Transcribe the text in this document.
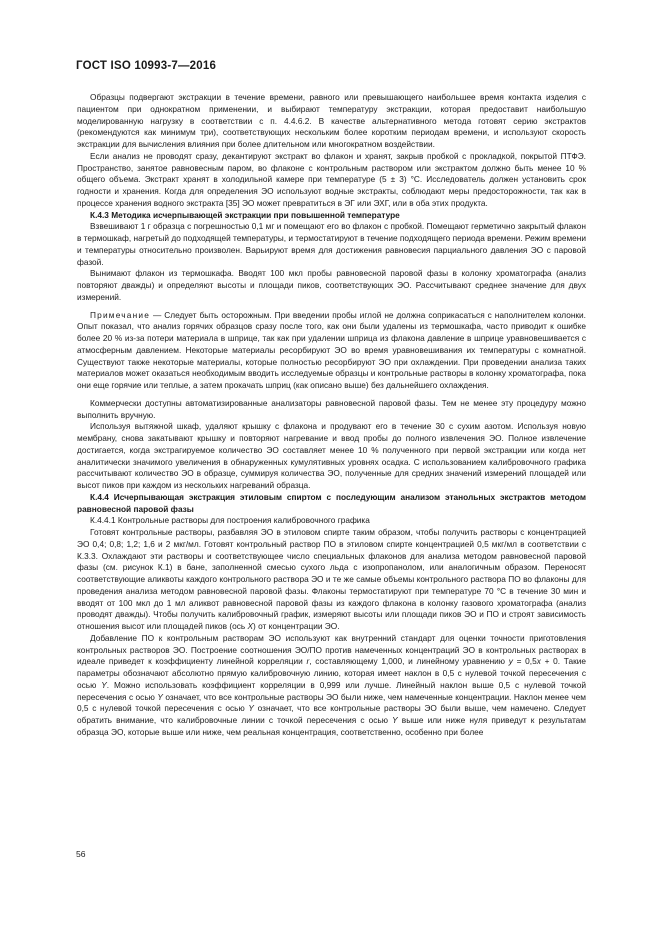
ГОСТ ISO 10993-7—2016

Образцы подвергают экстракции в течение времени, равного или превышающего наибольшее время контакта изделия с пациентом при однократном применении, и выбирают температуру экстракции, которая предоставит наибольшую моделированную нагрузку в соответствии с п. 4.4.6.2. В качестве альтернативного метода готовят серию экстрактов (рекомендуются как минимум три), соответствующих нескольким более коротким периодам времени, и используют скорость экстракции для вычисления влияния при более длительном или многократном воздействии.

Если анализ не проводят сразу, декантируют экстракт во флакон и хранят, закрыв пробкой с прокладкой, покрытой ПТФЭ. Пространство, занятое равновесным паром, во флаконе с контрольным раствором или экстрактом должно быть менее 10 % общего объема. Экстракт хранят в холодильной камере при температуре (5 ± 3) °С. Исследователь должен установить срок годности и хранения. Когда для определения ЭО используют водные экстракты, соблюдают меры предосторожности, так как в процессе хранения водного экстракта [35] ЭО может превратиться в ЭГ или ЭХГ, или в оба этих продукта.

К.4.3 Методика исчерпывающей экстракции при повышенной температуре

Взвешивают 1 г образца с погрешностью 0,1 мг и помещают его во флакон с пробкой. Помещают герметично закрытый флакон в термошкаф, нагретый до подходящей температуры, и термостатируют в течение подходящего периода времени. Режим времени и температуры относительно произволен. Варьируют время для достижения равновесия парциального давления ЭО с паровой фазой.

Вынимают флакон из термошкафа. Вводят 100 мкл пробы равновесной паровой фазы в колонку хроматографа (анализ повторяют дважды) и определяют высоты и площади пиков, соответствующих ЭО. Рассчитывают среднее значение для двух измерений.

Примечание — Следует быть осторожным. При введении пробы иглой не должна соприкасаться с наполнителем колонки. Опыт показал, что анализ горячих образцов сразу после того, как они были удалены из термошкафа, часто приводит к ошибке более 20 % из-за потери материала в шприце, так как при удалении шприца из флакона давление в шприце уравновешивается с атмосферным давлением. Некоторые материалы ресорбируют ЭО во время уравновешивания их температуры с комнатной. Существуют также некоторые материалы, которые полностью ресорбируют ЭО при охлаждении. При проведении анализа таких материалов может оказаться необходимым вводить исследуемые образцы и контрольные растворы в колонку хроматографа, пока они еще горячие или теплые, а затем прокачать шприц (как описано выше) без дальнейшего охлаждения.

Коммерчески доступны автоматизированные анализаторы равновесной паровой фазы. Тем не менее эту процедуру можно выполнить вручную.

Используя вытяжной шкаф, удаляют крышку с флакона и продувают его в течение 30 с сухим азотом. Используя новую мембрану, снова закатывают крышку и повторяют нагревание и ввод пробы до полного извлечения ЭО. Полное извлечение достигается, когда экстрагируемое количество ЭО составляет менее 10 % полученного при первой экстракции или когда нет аналитически значимого увеличения в обнаруженных кумулятивных уровнях осадка. С использованием калибровочного графика рассчитывают количество ЭО в образце, суммируя количества ЭО, полученные для средних значений измерений площадей или высот пиков при каждом из нескольких нагреваний образца.

К.4.4 Исчерпывающая экстракция этиловым спиртом с последующим анализом этанольных экстрактов методом равновесной паровой фазы

К.4.4.1 Контрольные растворы для построения калибровочного графика

Готовят контрольные растворы, разбавляя ЭО в этиловом спирте таким образом, чтобы получить растворы с концентрацией ЭО 0,4; 0,8; 1,2; 1,6 и 2 мкг/мл. Готовят контрольный раствор ПО в этиловом спирте концентрацией 0,5 мкг/мл в соответствии с К.3.3. Охлаждают эти растворы и соответствующее число специальных флаконов для анализа методом равновесной паровой фазы (см. рисунок К.1) в бане, заполненной смесью сухого льда с изопропанолом, или аналогичным образом. Переносят соответствующие аликвоты каждого контрольного раствора ЭО и те же самые объемы контрольного раствора ПО во флаконы для проведения анализа методом равновесной паровой фазы. Флаконы термостатируют при температуре 70 °С в течение 30 мин и вводят от 100 мкл до 1 мл аликвот равновесной паровой фазы из каждого флакона в колонку газового хроматографа (анализ проводят дважды). Чтобы получить калибровочный график, измеряют высоты или площади пиков ЭО и ПО и строят зависимость отношения высот или площадей пиков (ось X) от концентрации ЭО.

Добавление ПО к контрольным растворам ЭО используют как внутренний стандарт для оценки точности приготовления контрольных растворов ЭО. Построение соотношения ЭО/ПО против намеченных концентраций ЭО в контрольных растворах в идеале приведет к коэффициенту линейной корреляции r, составляющему 1,000, и линейному уравнению y = 0,5x + 0. Такие параметры обозначают абсолютно прямую калибровочную линию, которая имеет наклон в 0,5 с нулевой точкой пересечения с осью Y. Можно использовать коэффициент корреляции в 0,999 или лучше. Линейный наклон выше 0,5 с нулевой точкой пересечения с осью Y означает, что все контрольные растворы ЭО были ниже, чем намеченные концентрации. Наклон менее чем 0,5 с нулевой точкой пересечения с осью Y означает, что все контрольные растворы ЭО были выше, чем намечено. Следует обратить внимание, что калибровочные линии с точкой пересечения с осью Y выше или ниже нуля приведут к результатам образца ЭО, которые выше или ниже, чем реальная концентрация, соответственно, особенно при более

56
